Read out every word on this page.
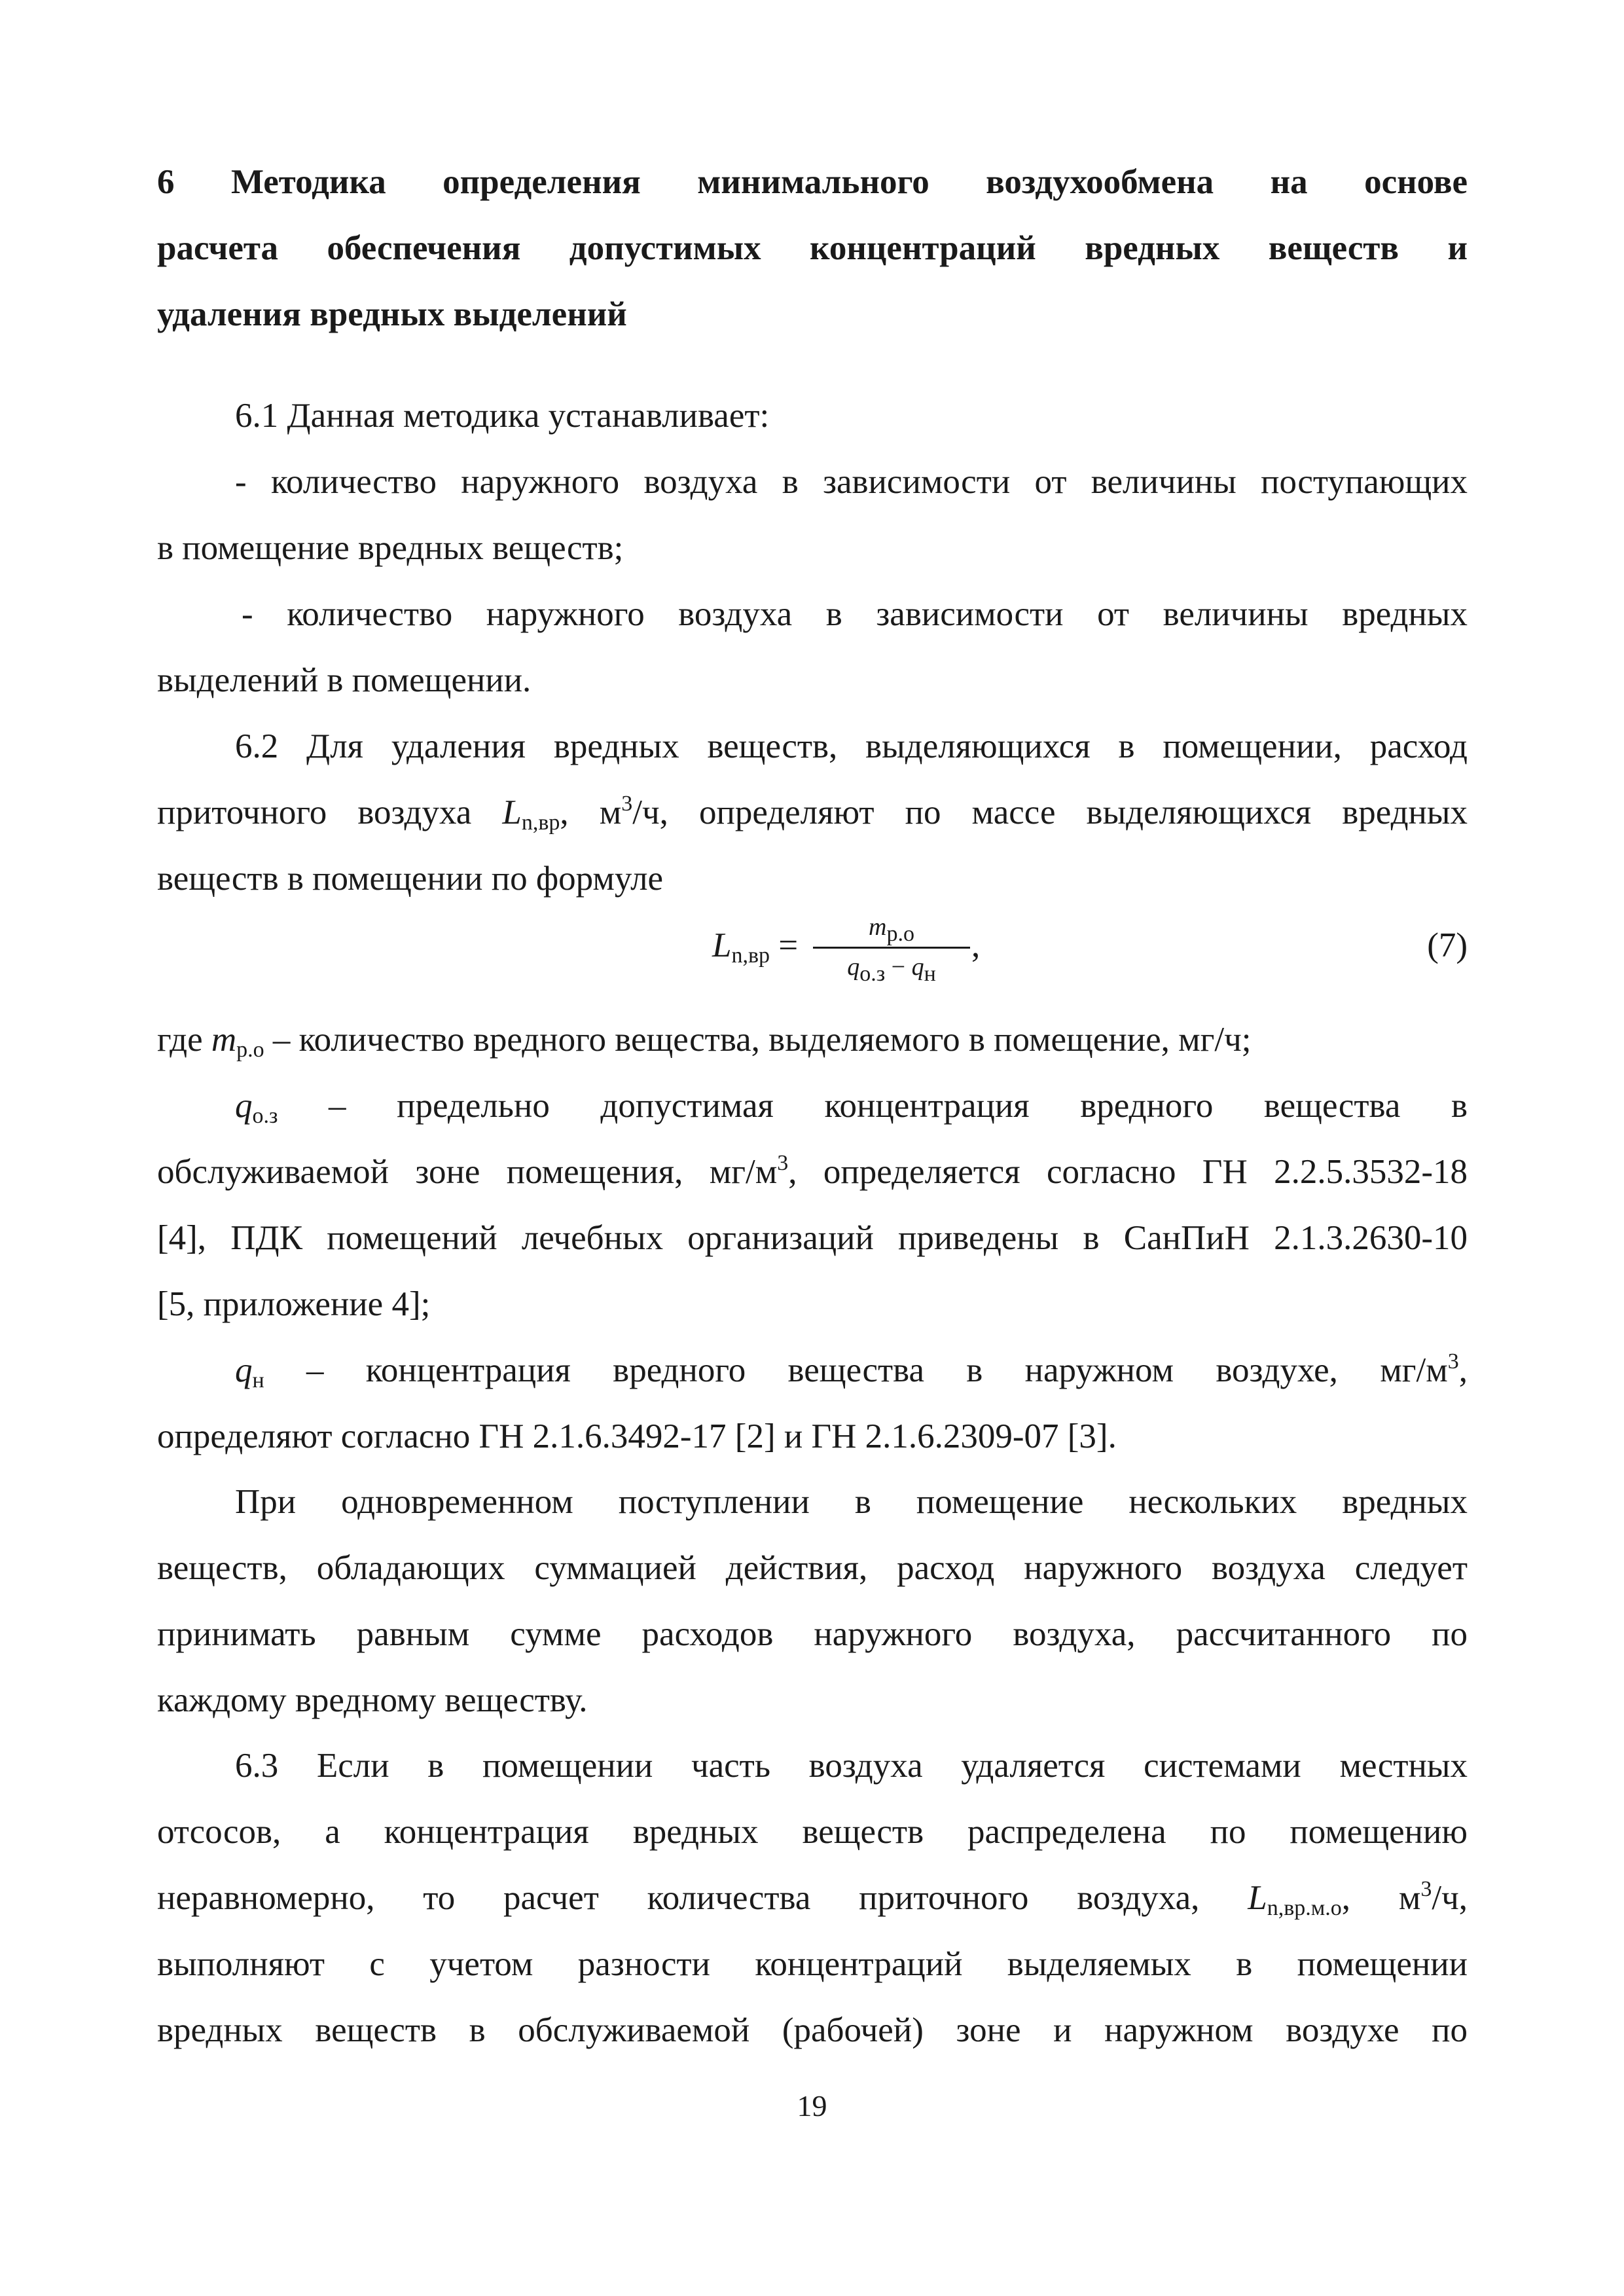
6 Методика определения минимального воздухообмена на основе
расчета обеспечения допустимых концентраций вредных веществ и
удаления вредных выделений
6.1 Данная методика устанавливает:
- количество наружного воздуха в зависимости от величины поступающих
в помещение вредных веществ;
- количество наружного воздуха в зависимости от величины вредных
выделений в помещении.
6.2 Для удаления вредных веществ, выделяющихся в помещении, расход
приточного воздуха $L_{n,вр}$, $м^3/ч$, определяют по массе выделяющихся вредных
веществ в помещении по формуле
$L_{n,вр}$ =	$m_{р.о}$
$q_{о.з} - q_н$
,	(7)
где $m_{р.о}$ – количество вредного вещества, выделяемого в помещение, мг/ч;
$q_{о.з}$ – предельно допустимая концентрация вредного вещества в
обслуживаемой зоне помещения, $мг/м^3$, определяется согласно ГН 2.2.5.3532-18
[4], ПДК помещений лечебных организаций приведены в СанПиН 2.1.3.2630-10
[5, приложение 4];
$q_н$ – концентрация вредного вещества в наружном воздухе, $мг/м^3$,
определяют согласно ГН 2.1.6.3492-17 [2] и ГН 2.1.6.2309-07 [3].
При одновременном поступлении в помещение нескольких вредных
веществ, обладающих суммацией действия, расход наружного воздуха следует
принимать равным сумме расходов наружного воздуха, рассчитанного по
каждому вредному веществу.
6.3 Если в помещении часть воздуха удаляется системами местных
отсосов, а концентрация вредных веществ распределена по помещению
неравномерно, то расчет количества приточного воздуха, $L_{n,вр.м.о}$, $м^3/ч$,
выполняют с учетом разности концентраций выделяемых в помещении
вредных веществ в обслуживаемой (рабочей) зоне и наружном воздухе по
19
